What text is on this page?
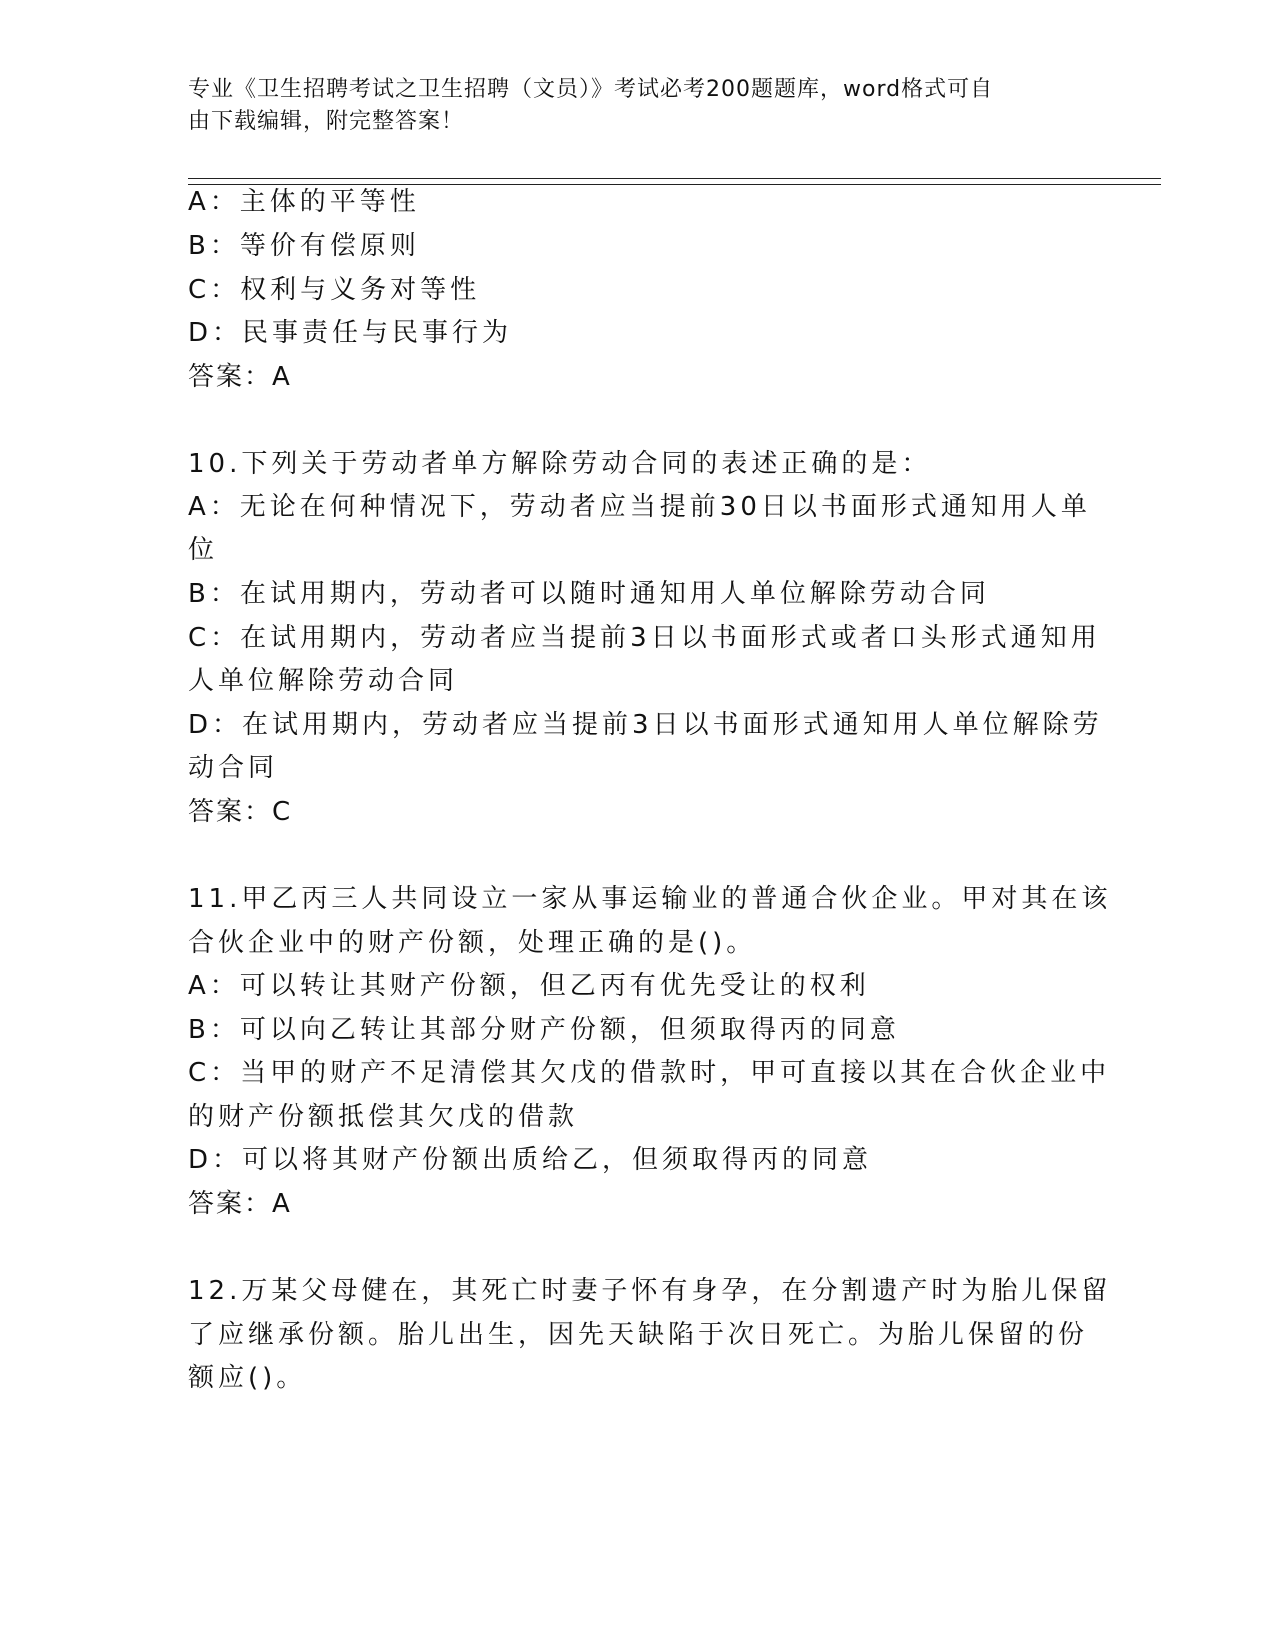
专业《卫生招聘考试之卫生招聘（文员）》考试必考200题题库，word格式可自
由下载编辑，附完整答案！
A：主体的平等性
B：等价有偿原则
C：权利与义务对等性
D：民事责任与民事行为
答案：A
10.下列关于劳动者单方解除劳动合同的表述正确的是：
A：无论在何种情况下，劳动者应当提前30日以书面形式通知用人单
位
B：在试用期内，劳动者可以随时通知用人单位解除劳动合同
C：在试用期内，劳动者应当提前3日以书面形式或者口头形式通知用
人单位解除劳动合同
D：在试用期内，劳动者应当提前3日以书面形式通知用人单位解除劳
动合同
答案：C
11.甲乙丙三人共同设立一家从事运输业的普通合伙企业。甲对其在该
合伙企业中的财产份额，处理正确的是()。
A：可以转让其财产份额，但乙丙有优先受让的权利
B：可以向乙转让其部分财产份额，但须取得丙的同意
C：当甲的财产不足清偿其欠戊的借款时，甲可直接以其在合伙企业中
的财产份额抵偿其欠戊的借款
D：可以将其财产份额出质给乙，但须取得丙的同意
答案：A
12.万某父母健在，其死亡时妻子怀有身孕，在分割遗产时为胎儿保留
了应继承份额。胎儿出生，因先天缺陷于次日死亡。为胎儿保留的份
额应()。
